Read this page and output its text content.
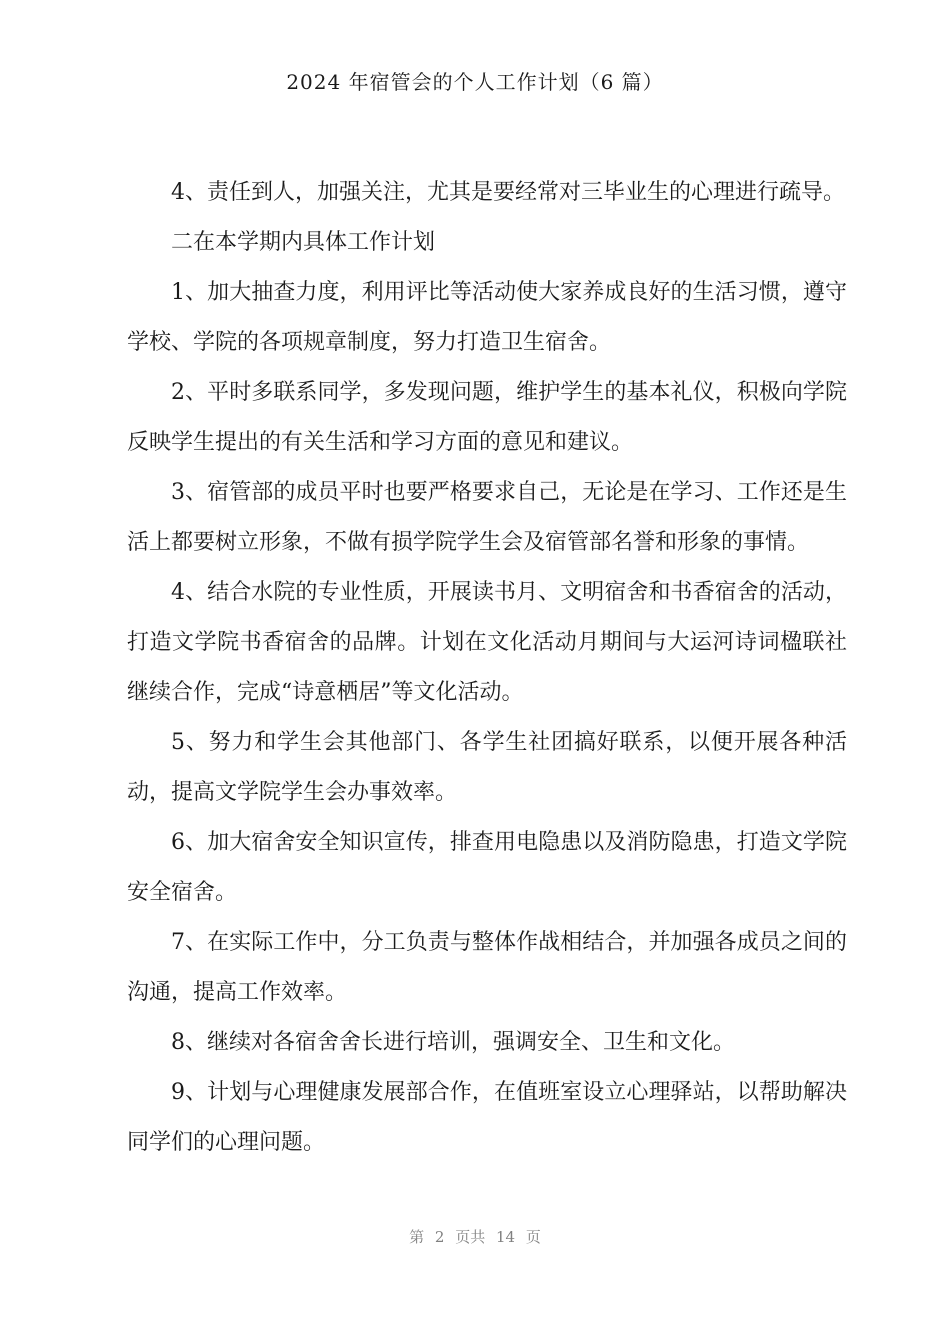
2024 年宿管会的个人工作计划（6 篇）

4、责任到人，加强关注，尤其是要经常对三毕业生的心理进行疏导。

二在本学期内具体工作计划

1、加大抽查力度，利用评比等活动使大家养成良好的生活习惯，遵守学校、学院的各项规章制度，努力打造卫生宿舍。

2、平时多联系同学，多发现问题，维护学生的基本礼仪，积极向学院反映学生提出的有关生活和学习方面的意见和建议。

3、宿管部的成员平时也要严格要求自己，无论是在学习、工作还是生活上都要树立形象，不做有损学院学生会及宿管部名誉和形象的事情。

4、结合水院的专业性质，开展读书月、文明宿舍和书香宿舍的活动，打造文学院书香宿舍的品牌。计划在文化活动月期间与大运河诗词楹联社继续合作，完成“诗意栖居”等文化活动。

5、努力和学生会其他部门、各学生社团搞好联系，以便开展各种活动，提高文学院学生会办事效率。

6、加大宿舍安全知识宣传，排查用电隐患以及消防隐患，打造文学院安全宿舍。

7、在实际工作中，分工负责与整体作战相结合，并加强各成员之间的沟通，提高工作效率。

8、继续对各宿舍舍长进行培训，强调安全、卫生和文化。

9、计划与心理健康发展部合作，在值班室设立心理驿站，以帮助解决同学们的心理问题。

第 2 页共 14 页
